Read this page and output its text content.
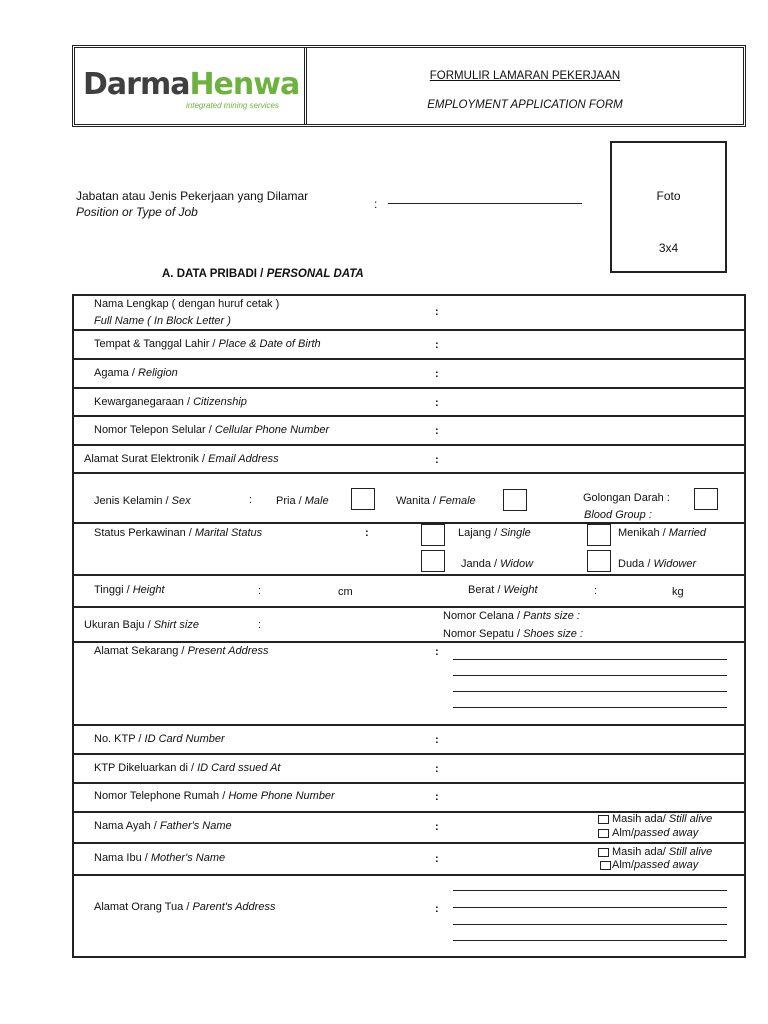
DarmaHenwa
integrated mining services
FORMULIR LAMARAN PEKERJAAN
EMPLOYMENT APPLICATION FORM
Jabatan atau Jenis Pekerjaan yang Dilamar
Position or Type of Job
:
Foto
3x4
A. DATA PRIBADI / PERSONAL DATA
Nama Lengkap ( dengan huruf cetak )
Full Name ( In Block Letter )
:
Tempat & Tanggal Lahir / Place & Date of Birth	:
Agama / Religion	:
Kewarganegaraan / Citizenship	:
Nomor Telepon Selular / Cellular Phone Number	:
Alamat Surat Elektronik / Email Address	:
Jenis Kelamin / Sex	: Pria / Male	Wanita / Female	Golongan Darah :
Blood Group :
Status Perkawinan / Marital Status	:	Lajang / Single	Menikah / Married
Janda / Widow	Duda / Widower
Tinggi / Height	:	cm	Berat / Weight	:	kg
Ukuran Baju / Shirt size	:
Nomor Celana / Pants size :
Nomor Sepatu / Shoes size :
Alamat Sekarang / Present Address	:
No. KTP / ID Card Number	:
KTP Dikeluarkan di / ID Card ssued At	:
Nomor Telephone Rumah / Home Phone Number	:
Nama Ayah / Father's Name	:
Masih ada/ Still alive
Alm/passed away
Nama Ibu / Mother's Name	:
Masih ada/ Still alive
Alm/passed away
Alamat Orang Tua / Parent's Address	:
